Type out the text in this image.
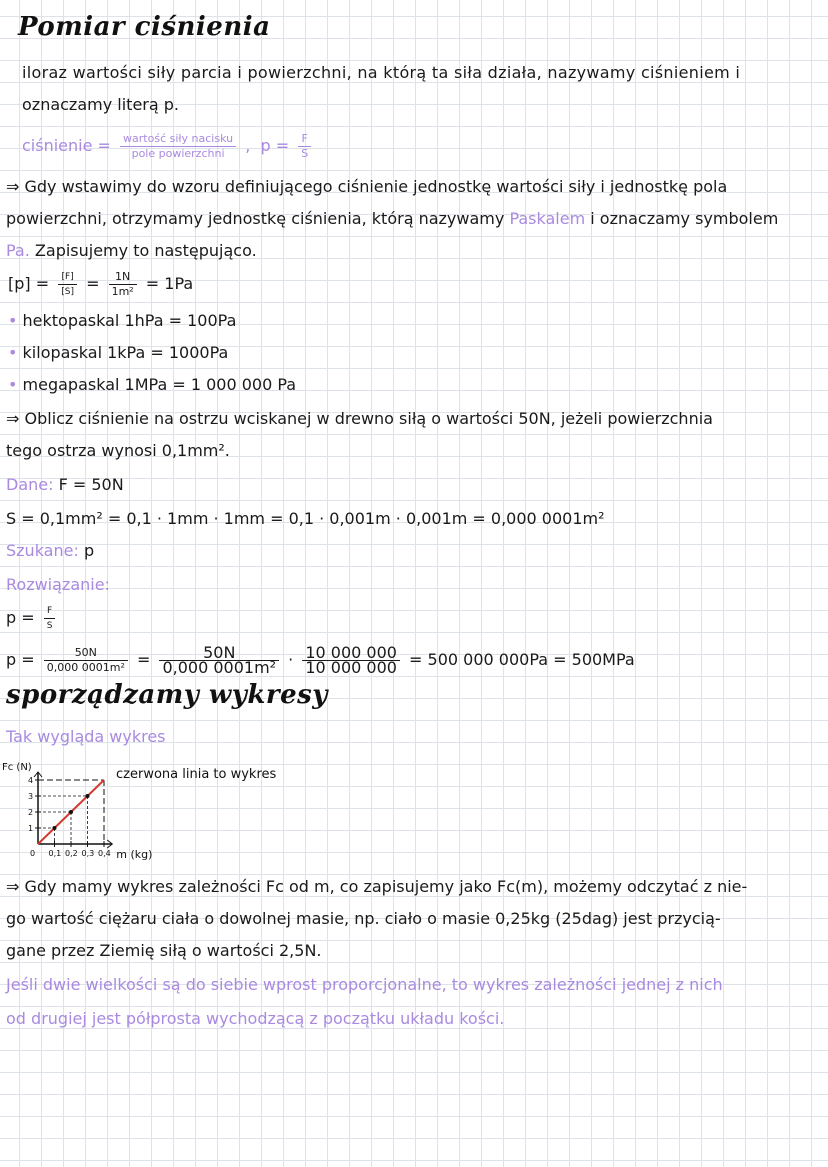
Pomiar ciśnienia
iloraz wartości siły parcia i powierzchni, na którą ta siła działa, nazywamy ciśnieniem i
oznaczamy literą p.
ciśnienie = $\frac{\text{wartość siły nacisku}}{\text{pole powierzchni}}$ ,  $p = \frac{F}{S}$
⇒ Gdy wstawimy do wzoru definiującego ciśnienie jednostkę wartości siły i jednostkę pola
powierzchni, otrzymamy jednostkę ciśnienia, którą nazywamy Paskalem i oznaczamy symbolem
Pa. Zapisujemy to następująco.
$[p] = \frac{[F]}{[S]} = \frac{1N}{\text{1m²}} = 1Pa$
• hektopaskal 1hPa = 100Pa
• kilopaskal 1kPa = 1000Pa
• megapaskal 1MPa = 1 000 000 Pa
⇒ Oblicz ciśnienie na ostrzu wciskanej w drewno siłą o wartości 50N, jeżeli powierzchnia
tego ostrza wynosi 0,1mm².
Dane: F = 50N
S = 0,1mm² = 0,1 · 1mm · 1mm = 0,1 · 0,001m · 0,001m = 0,000 0001m²
Szukane: p
Rozwiązanie:
$p = \frac{F}{S}$
$p = \frac{50N}{\text{0,000 0001m²}} = \frac{50N}{\text{0,000 0001m²}} \cdot \frac{10 000 000}{10 000 000} = 500$ 000 000Pa = 500MPa
sporządzamy wykresy
Tak wygląda wykres
m (kg)
Fc (N)
0 0,1 0,2 0,3 0,4
1
2
3
4	czerwona linia to wykres
⇒ Gdy mamy wykres zależności Fc od m, co zapisujemy jako Fc(m), możemy odczytać z nie-
go wartość ciężaru ciała o dowolnej masie, np. ciało o masie 0,25kg (25dag) jest przycią-
gane przez Ziemię siłą o wartości 2,5N.
Jeśli dwie wielkości są do siebie wprost proporcjonalne, to wykres zależności jednej z nich
od drugiej jest półprosta wychodzącą z początku układu kości.
